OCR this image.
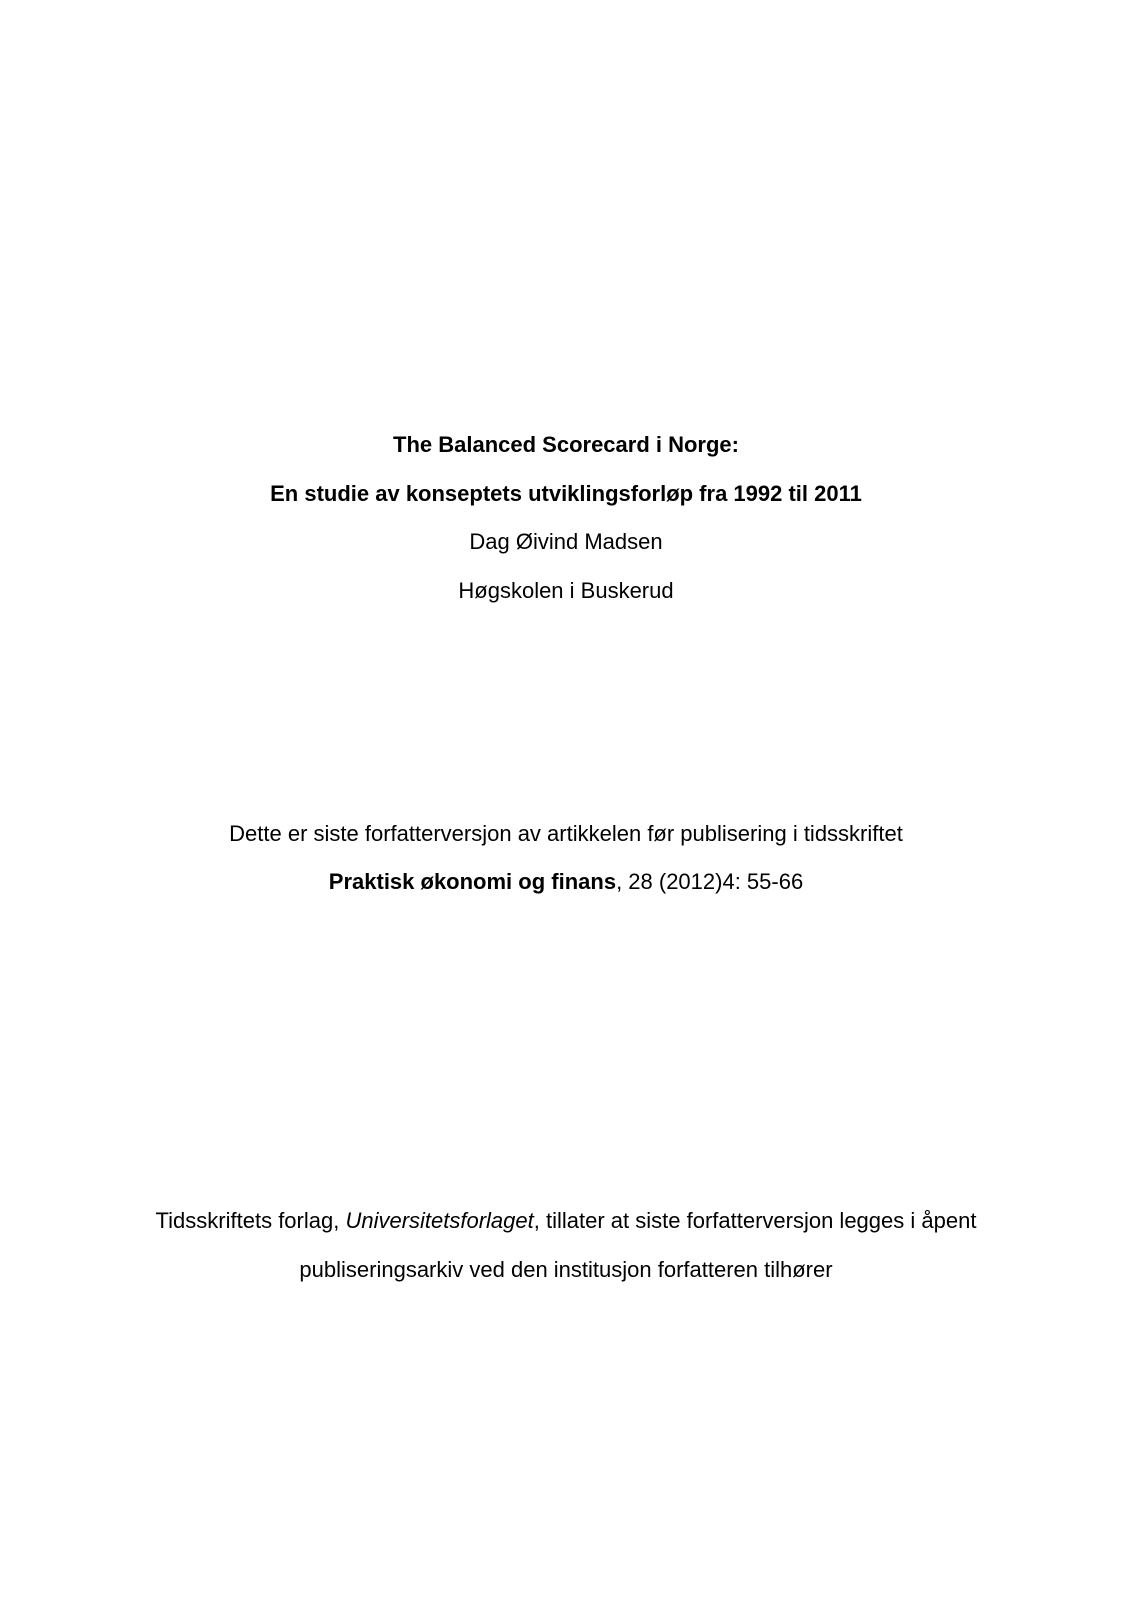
The Balanced Scorecard i Norge:
En studie av konseptets utviklingsforløp fra 1992 til 2011
Dag Øivind Madsen
Høgskolen i Buskerud
Dette er siste forfatterversjon av artikkelen før publisering i tidsskriftet
Praktisk økonomi og finans, 28 (2012)4: 55-66
Tidsskriftets forlag, Universitetsforlaget, tillater at siste forfatterversjon legges i åpent
publiseringsarkiv ved den institusjon forfatteren tilhører
